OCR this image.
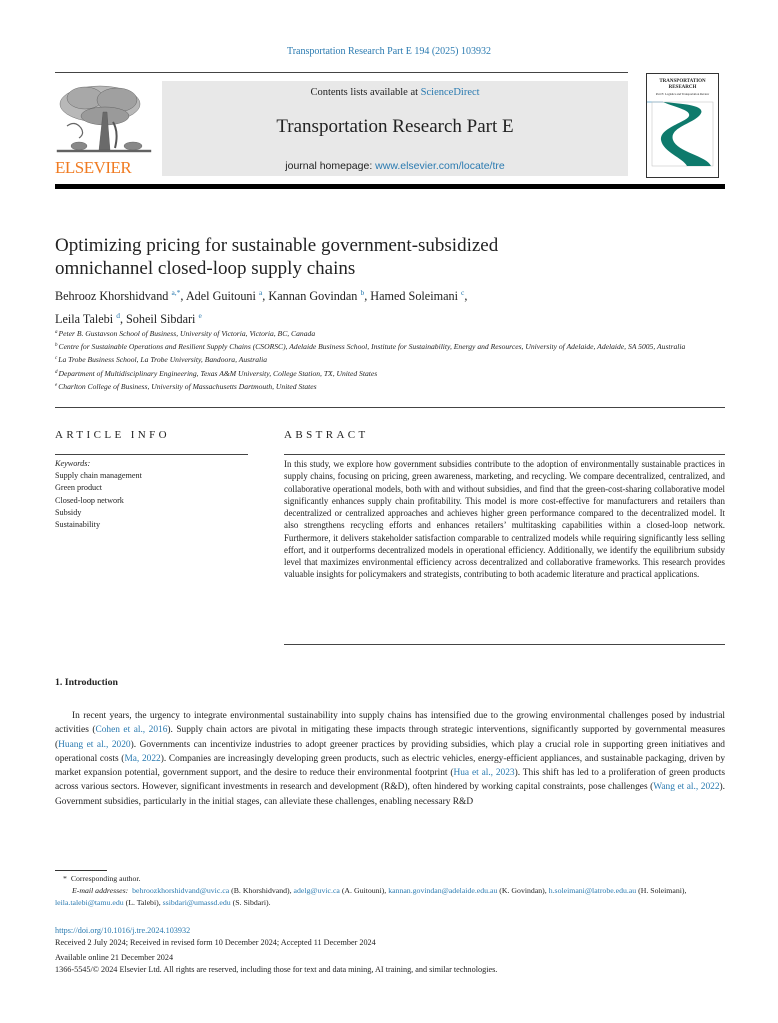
Transportation Research Part E 194 (2025) 103932
ELSEVIER
Contents lists available at ScienceDirect
Transportation Research Part E
journal homepage: www.elsevier.com/locate/tre
TRANSPORTATION
RESEARCH
Part E: Logistics and Transportation Review
Optimizing pricing for sustainable government-subsidized
omnichannel closed-loop supply chains
Behrooz Khorshidvand $^{a,*}$, Adel Guitouni $^a$, Kannan Govindan $^b$, Hamed Soleimani $^c$,
Leila Talebi $^d$, Soheil Sibdari $^e$
$^a$Peter B. Gustavson School of Business, University of Victoria, Victoria, BC, Canada
$^b$Centre for Sustainable Operations and Resilient Supply Chains (CSORSC), Adelaide Business School, Institute for Sustainability, Energy and Resources, University of Adelaide, Adelaide, SA 5005, Australia
$^c$La Trobe Business School, La Trobe University, Bandoora, Australia
$^d$Department of Multidisciplinary Engineering, Texas A&M University, College Station, TX, United States
$^e$Charlton College of Business, University of Massachusetts Dartmouth, United States
ARTICLE INFO
Keywords:
Supply chain management
Green product
Closed-loop network
Subsidy
Sustainability
ABSTRACT
In this study, we explore how government subsidies contribute to the adoption of environmentally sustainable practices in supply chains, focusing on pricing, green awareness, marketing, and recycling. We compare decentralized, centralized, and collaborative operational models, both with and without subsidies, and find that the green-cost-sharing collaborative model significantly enhances supply chain profitability. This model is more cost-effective for manufacturers and retailers than decentralized or centralized approaches and achieves higher green performance compared to the decentralized model. It also strengthens recycling efforts and enhances retailers’ multitasking capabilities within a closed-loop network. Furthermore, it delivers stakeholder satisfaction comparable to centralized models while requiring significantly less selling effort, and it outperforms decentralized models in operational efficiency. Additionally, we identify the equilibrium subsidy level that maximizes environmental efficiency across decentralized and collaborative frameworks. This research provides valuable insights for policymakers and strategists, contributing to both academic literature and practical applications.
1. Introduction
In recent years, the urgency to integrate environmental sustainability into supply chains has intensified due to the growing environmental challenges posed by industrial activities (Cohen et al., 2016). Supply chain actors are pivotal in mitigating these impacts through strategic interventions, significantly supported by governmental measures (Huang et al., 2020). Governments can incentivize industries to adopt greener practices by providing subsidies, which play a crucial role in supporting green initiatives and operational costs (Ma, 2022). Companies are increasingly developing green products, such as electric vehicles, energy-efficient appliances, and sustainable packaging, driven by market expansion potential, government support, and the desire to reduce their environmental footprint (Hua et al., 2023). This shift has led to a proliferation of green products across various sectors. However, significant investments in research and development (R&D), often hindered by working capital constraints, pose challenges (Wang et al., 2022). Government subsidies, particularly in the initial stages, can alleviate these challenges, enabling necessary R&D
* Corresponding author.
E-mail addresses: behroozkhorshidvand@uvic.ca (B. Khorshidvand), adelg@uvic.ca (A. Guitouni), kannan.govindan@adelaide.edu.au (K. Govindan), h.soleimani@latrobe.edu.au (H. Soleimani), leila.talebi@tamu.edu (L. Talebi), ssibdari@umassd.edu (S. Sibdari).
https://doi.org/10.1016/j.tre.2024.103932
Received 2 July 2024; Received in revised form 10 December 2024; Accepted 11 December 2024
Available online 21 December 2024
1366-5545/© 2024 Elsevier Ltd. All rights are reserved, including those for text and data mining, AI training, and similar technologies.
